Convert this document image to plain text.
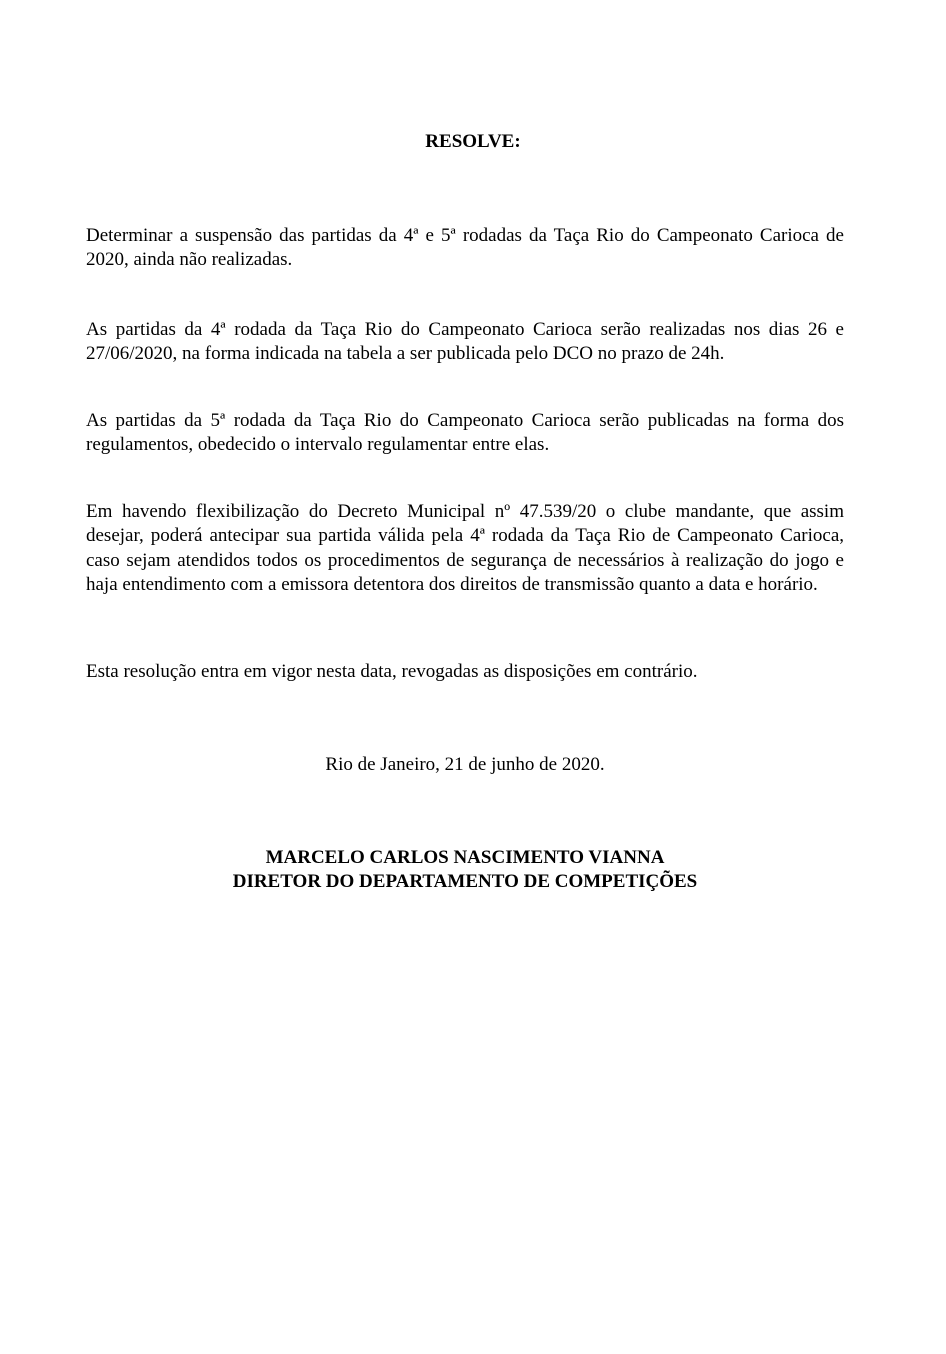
RESOLVE:

Determinar a suspensão das partidas da 4ª e 5ª rodadas da Taça Rio do Campeonato Carioca de 2020, ainda não realizadas.

As partidas da 4ª rodada da Taça Rio do Campeonato Carioca serão realizadas nos dias 26 e 27/06/2020, na forma indicada na tabela a ser publicada pelo DCO no prazo de 24h.

As partidas da 5ª rodada da Taça Rio do Campeonato Carioca serão publicadas na forma dos regulamentos, obedecido o intervalo regulamentar entre elas.

Em havendo flexibilização do Decreto Municipal nº 47.539/20 o clube mandante, que assim desejar, poderá antecipar sua partida válida pela 4ª rodada da Taça Rio de Campeonato Carioca, caso sejam atendidos todos os procedimentos de segurança de necessários à realização do jogo e haja entendimento com a emissora detentora dos direitos de transmissão quanto a data e horário.

Esta resolução entra em vigor nesta data, revogadas as disposições em contrário.

Rio de Janeiro, 21 de junho de 2020.

MARCELO CARLOS NASCIMENTO VIANNA

DIRETOR DO DEPARTAMENTO DE COMPETIÇÕES
